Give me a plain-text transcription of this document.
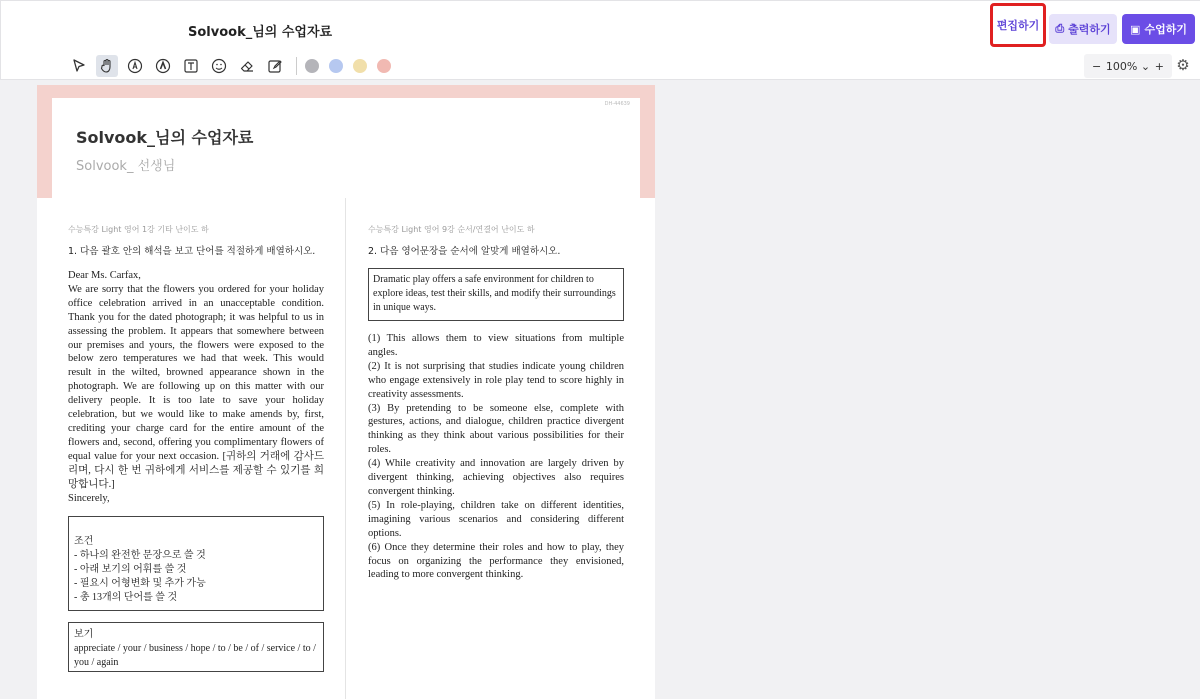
Solvook_님의 수업자료	편집하기	⎙ 출력하기 ▣ 수업하기
− 100% ⌄ + ⚙
DH-44639
Solvook_님의 수업자료
Solvook_ 선생님
수능특강 Light 영어 1강 기타 난이도 하
1. 다음 괄호 안의 해석을 보고 단어를 적절하게 배열하시오.
Dear Ms. Carfax,
We are sorry that the flowers you ordered for your holiday office celebration arrived in an unacceptable condition. Thank you for the dated photograph; it was helpful to us in assessing the problem. It appears that somewhere between our premises and yours, the flowers were exposed to the below zero temperatures we had that week. This would result in the wilted, browned appearance shown in the photograph. We are following up on this matter with our delivery people. It is too late to save your holiday celebration, but we would like to make amends by, first, crediting your charge card for the entire amount of the flowers and, second, offering you complimentary flowers of equal value for your next occasion. [귀하의 거래에 감사드리며, 다시 한 번 귀하에게 서비스를 제공할 수 있기를 희망합니다.]
Sincerely,
조건
- 하나의 완전한 문장으로 쓸 것
- 아래 보기의 어휘를 쓸 것
- 필요시 어형변화 및 추가 가능
- 총 13개의 단어를 쓸 것
보기
appreciate / your / business / hope / to / be / of / service / to / you / again
수능특강 Light 영어 9강 순서/연결어 난이도 하
2. 다음 영어문장을 순서에 알맞게 배열하시오.
Dramatic play offers a safe environment for children to explore ideas, test their skills, and modify their surroundings in unique ways.
(1) This allows them to view situations from multiple angles.
(2) It is not surprising that studies indicate young children who engage extensively in role play tend to score highly in creativity assessments.
(3) By pretending to be someone else, complete with gestures, actions, and dialogue, children practice divergent thinking as they think about various possibilities for their roles.
(4) While creativity and innovation are largely driven by divergent thinking, achieving objectives also requires convergent thinking.
(5) In role-playing, children take on different identities, imagining various scenarios and considering different options.
(6) Once they determine their roles and how to play, they focus on organizing the performance they envisioned, leading to more convergent thinking.
